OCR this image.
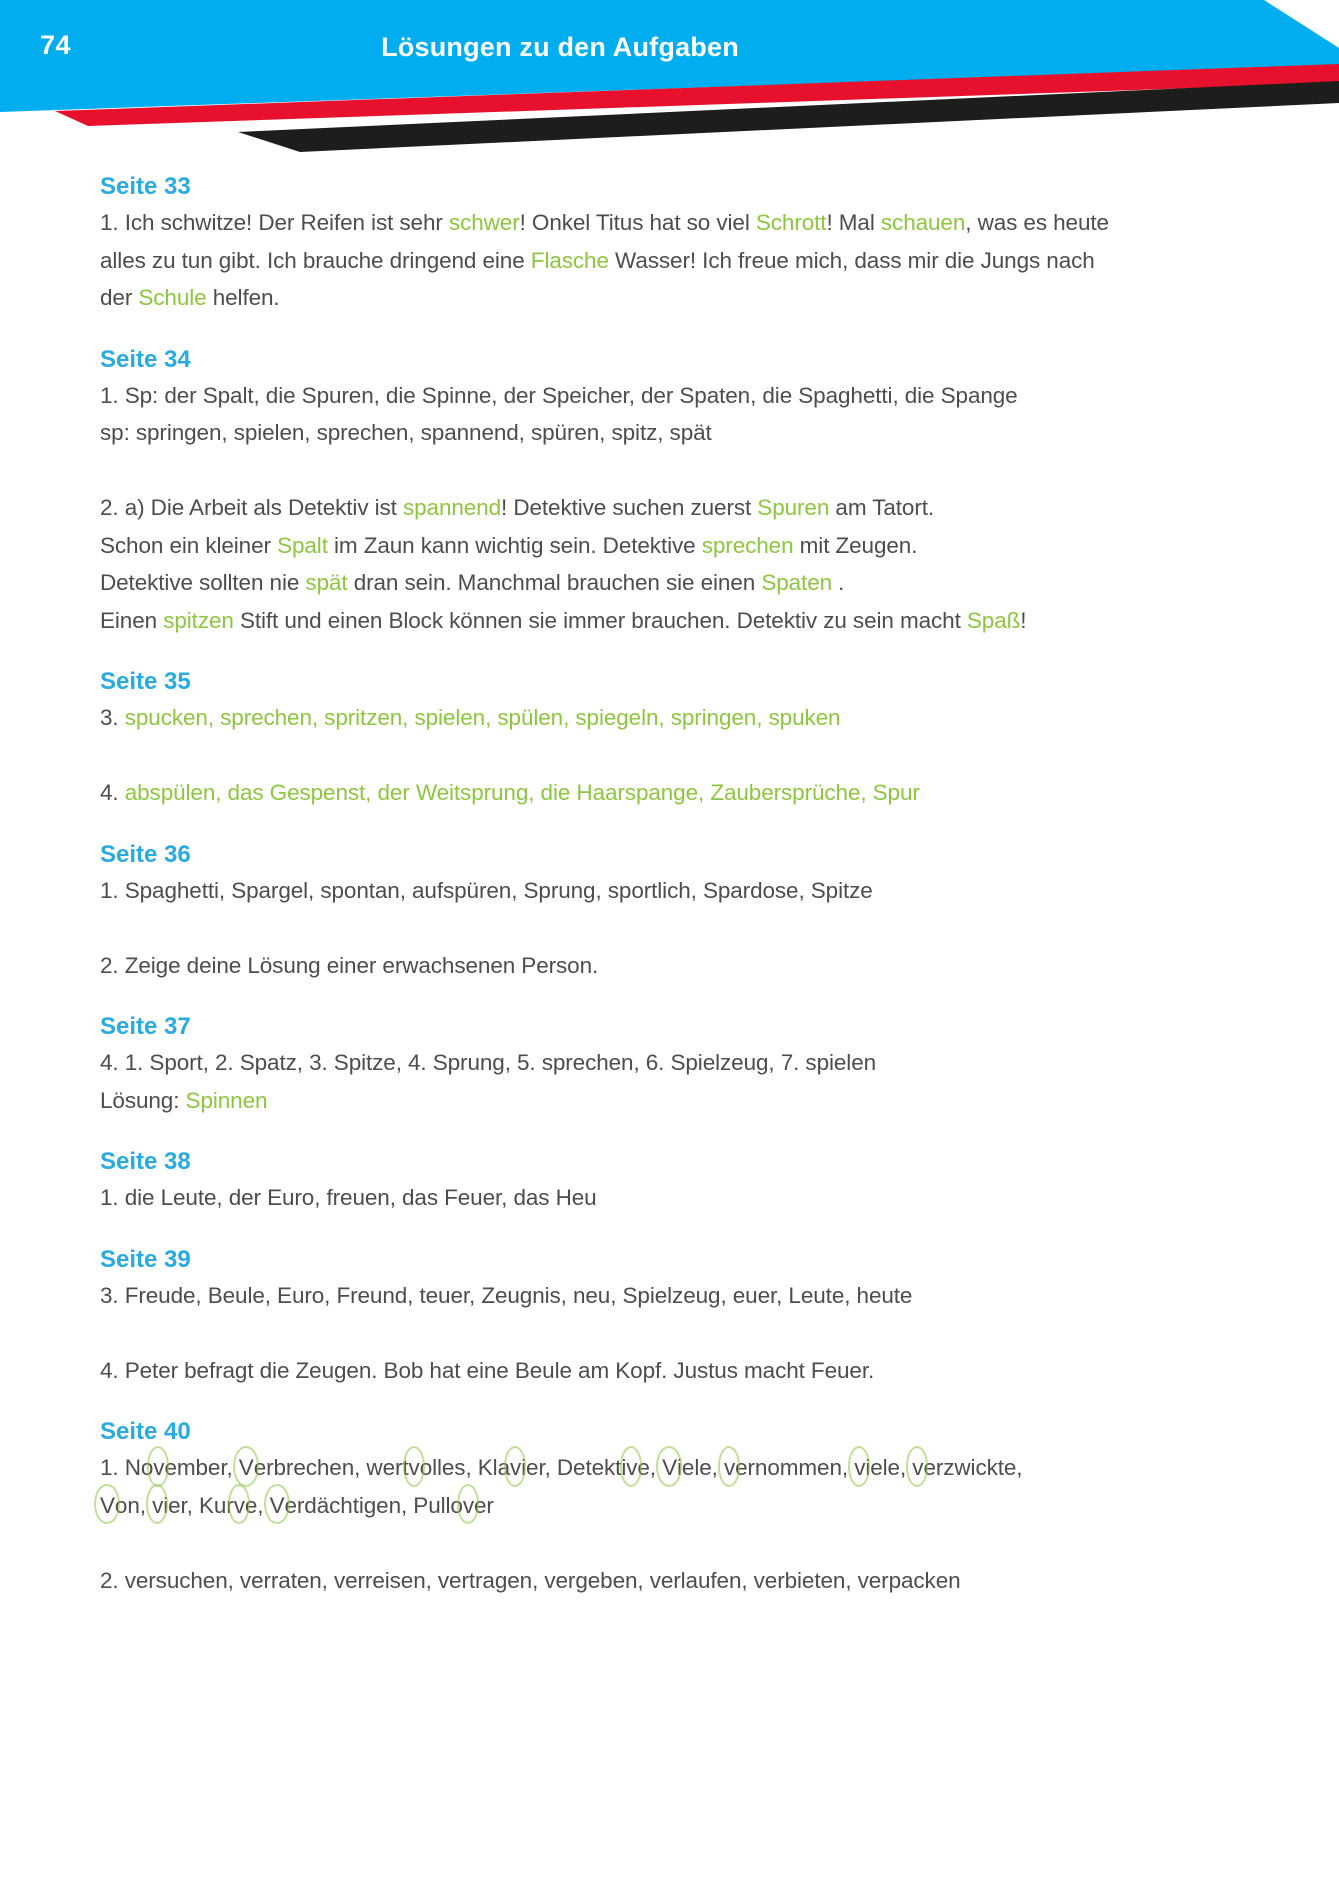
74	Lösungen zu den Aufgaben
Seite 33
1. Ich schwitze! Der Reifen ist sehr schwer! Onkel Titus hat so viel Schrott! Mal schauen, was es heute
alles zu tun gibt. Ich brauche dringend eine Flasche Wasser! Ich freue mich, dass mir die Jungs nach
der Schule helfen.
Seite 34
1. Sp: der Spalt, die Spuren, die Spinne, der Speicher, der Spaten, die Spaghetti, die Spange
sp: springen, spielen, sprechen, spannend, spüren, spitz, spät
2. a) Die Arbeit als Detektiv ist spannend! Detektive suchen zuerst Spuren am Tatort.
Schon ein kleiner Spalt im Zaun kann wichtig sein. Detektive sprechen mit Zeugen.
Detektive sollten nie spät dran sein. Manchmal brauchen sie einen Spaten .
Einen spitzen Stift und einen Block können sie immer brauchen. Detektiv zu sein macht Spaß!
Seite 35
3. spucken, sprechen, spritzen, spielen, spülen, spiegeln, springen, spuken
4. abspülen, das Gespenst, der Weitsprung, die Haarspange, Zaubersprüche, Spur
Seite 36
1. Spaghetti, Spargel, spontan, aufspüren, Sprung, sportlich, Spardose, Spitze
2. Zeige deine Lösung einer erwachsenen Person.
Seite 37
4. 1. Sport, 2. Spatz, 3. Spitze, 4. Sprung, 5. sprechen, 6. Spielzeug, 7. spielen
Lösung: Spinnen
Seite 38
1. die Leute, der Euro, freuen, das Feuer, das Heu
Seite 39
3. Freude, Beule, Euro, Freund, teuer, Zeugnis, neu, Spielzeug, euer, Leute, heute
4. Peter befragt die Zeugen. Bob hat eine Beule am Kopf. Justus macht Feuer.
Seite 40
1. November, Verbrechen, wertvolles, Klavier, Detektive, Viele, vernommen, viele, verzwickte,
Von, vier, Kurve, Verdächtigen, Pullover
2. versuchen, verraten, verreisen, vertragen, vergeben, verlaufen, verbieten, verpacken
